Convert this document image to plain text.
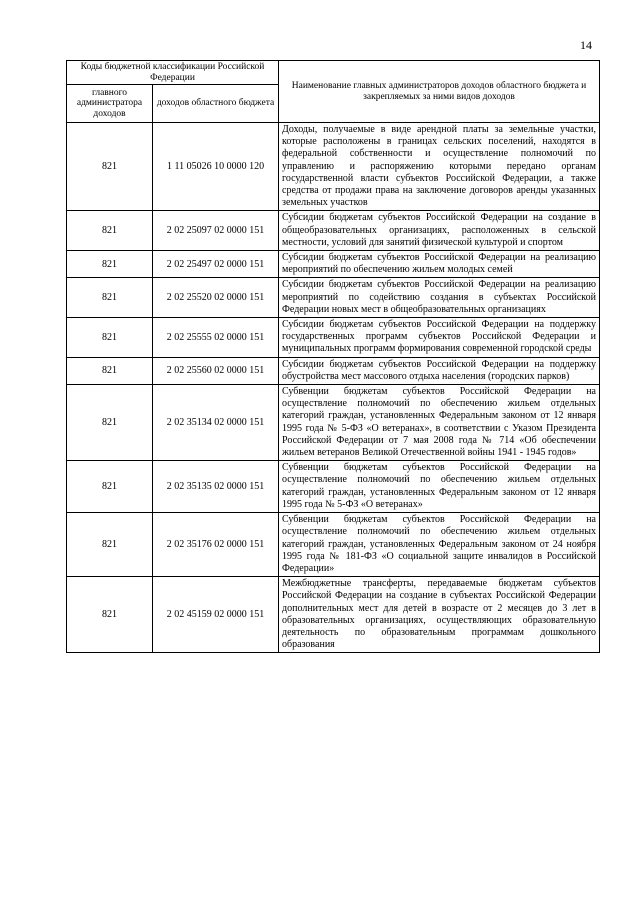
14
Коды бюджетной классификации Российской Федерации		Наименование главных администраторов доходов областного бюджета и закрепляемых за ними видов доходов
главного администратора доходов	доходов областного бюджета	
821	1 11 05026 10 0000 120	Доходы, получаемые в виде арендной платы за земельные участки, которые расположены в границах сельских поселений, находятся в федеральной собственности и осуществление полномочий по управлению и распоряжению которыми передано органам государственной власти субъектов Российской Федерации, а также средства от продажи права на заключение договоров аренды указанных земельных участков
821	2 02 25097 02 0000 151	Субсидии бюджетам субъектов Российской Федерации на создание в общеобразовательных организациях, расположенных в сельской местности, условий для занятий физической культурой и спортом
821	2 02 25497 02 0000 151	Субсидии бюджетам субъектов Российской Федерации на реализацию мероприятий по обеспечению жильем молодых семей
821	2 02 25520 02 0000 151	Субсидии бюджетам субъектов Российской Федерации на реализацию мероприятий по содействию создания в субъектах Российской Федерации новых мест в общеобразовательных организациях
821	2 02 25555 02 0000 151	Субсидии бюджетам субъектов Российской Федерации на поддержку государственных программ субъектов Российской Федерации и муниципальных программ формирования современной городской среды
821	2 02 25560 02 0000 151	Субсидии бюджетам субъектов Российской Федерации на поддержку обустройства мест массового отдыха населения (городских парков)
821	2 02 35134 02 0000 151	Субвенции бюджетам субъектов Российской Федерации на осуществление полномочий по обеспечению жильем отдельных категорий граждан, установленных Федеральным законом от 12 января 1995 года № 5-ФЗ «О ветеранах», в соответствии с Указом Президента Российской Федерации от 7 мая 2008 года № 714 «Об обеспечении жильем ветеранов Великой Отечественной войны 1941 - 1945 годов»
821	2 02 35135 02 0000 151	Субвенции бюджетам субъектов Российской Федерации на осуществление полномочий по обеспечению жильем отдельных категорий граждан, установленных Федеральным законом от 12 января 1995 года № 5-ФЗ «О ветеранах»
821	2 02 35176 02 0000 151	Субвенции бюджетам субъектов Российской Федерации на осуществление полномочий по обеспечению жильем отдельных категорий граждан, установленных Федеральным законом от 24 ноября 1995 года № 181-ФЗ «О социальной защите инвалидов в Российской Федерации»
821	2 02 45159 02 0000 151	Межбюджетные трансферты, передаваемые бюджетам субъектов Российской Федерации на создание в субъектах Российской Федерации дополнительных мест для детей в возрасте от 2 месяцев до 3 лет в образовательных организациях, осуществляющих образовательную деятельность по образовательным программам дошкольного образования
